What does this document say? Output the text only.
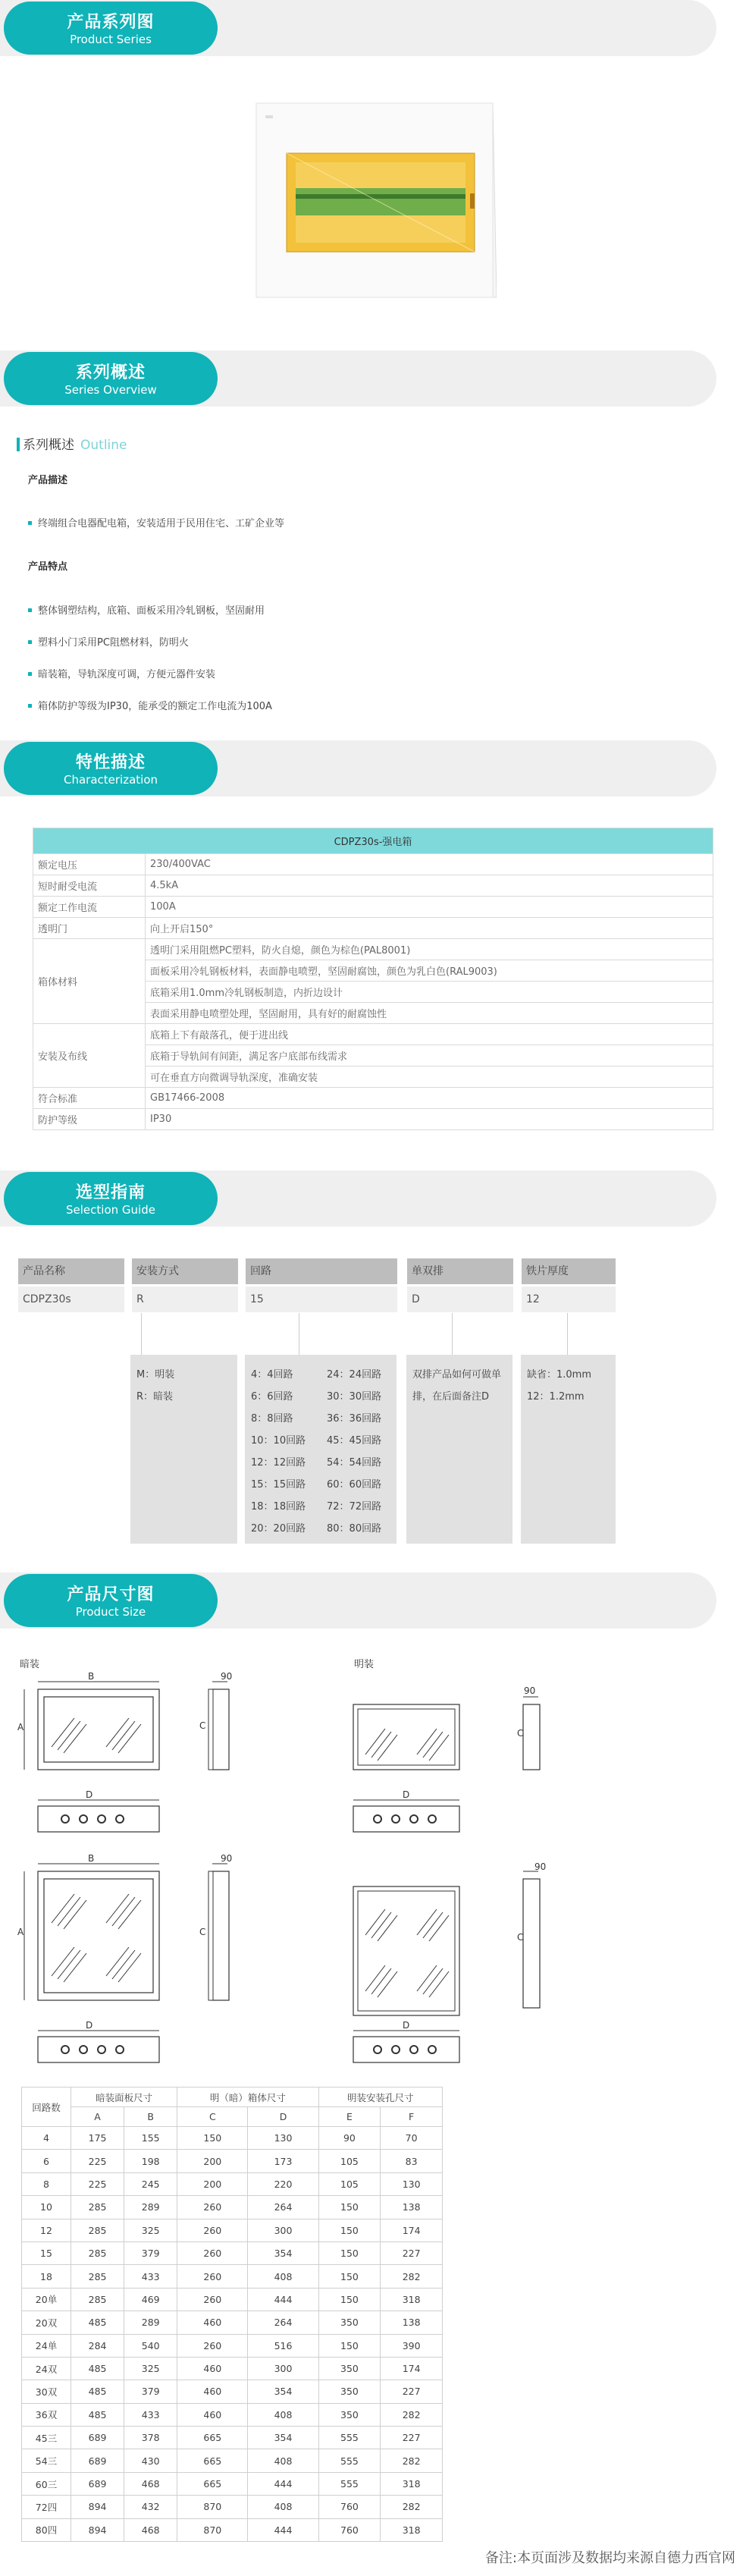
产品系列图
Product Series
系列概述
Series Overview
系列概述 Outline
产品描述
终端组合电器配电箱，安装适用于民用住宅、工矿企业等
产品特点
整体钢塑结构，底箱、面板采用冷轧钢板，坚固耐用
塑料小门采用PC阻燃材料，防明火
暗装箱，导轨深度可调，方便元器件安装
箱体防护等级为IP30，能承受的额定工作电流为100A
特性描述
Characterization
CDPZ30s-强电箱	
额定电压	230/400VAC
短时耐受电流	4.5kA
额定工作电流	100A
透明门	向上开启150°
箱体材料	透明门采用阻燃PC塑料，防火自熄，颜色为棕色(PAL8001)
	面板采用冷轧钢板材料，表面静电喷塑，坚固耐腐蚀，颜色为乳白色(RAL9003)
	底箱采用1.0mm冷轧钢板制造，内折边设计
	表面采用静电喷塑处理，坚固耐用，具有好的耐腐蚀性
安装及布线	底箱上下有敲落孔，便于进出线
	底箱于导轨间有间距，满足客户底部布线需求
	可在垂直方向微调导轨深度，准确安装
符合标准	GB17466-2008
防护等级	IP30
选型指南
Selection Guide
产品名称	安装方式	回路	单双排	铁片厚度
CDPZ30s	R	15	D	12
M：明装
R：暗装
4：4回路
6：6回路
8：8回路
10：10回路
12：12回路
15：15回路
18：18回路
20：20回路
24：24回路
30：30回路
36：36回路
45：45回路
54：54回路
60：60回路
72：72回路
80：80回路
双排产品如何可做单
排，在后面备注D
缺省：1.0mm
12：1.2mm
产品尺寸图
Product Size
暗装	明装
B
A
90
C
D
90
C
D
B
A
90
C
D
90
C
D
回路数	暗装面板尺寸		明（暗）箱体尺寸		明装安装孔尺寸	
	A	B	C	D	E	F
4	175	155	150	130	90	70
6	225	198	200	173	105	83
8	225	245	200	220	105	130
10	285	289	260	264	150	138
12	285	325	260	300	150	174
15	285	379	260	354	150	227
18	285	433	260	408	150	282
20单	285	469	260	444	150	318
20双	485	289	460	264	350	138
24单	284	540	260	516	150	390
24双	485	325	460	300	350	174
30双	485	379	460	354	350	227
36双	485	433	460	408	350	282
45三	689	378	665	354	555	227
54三	689	430	665	408	555	282
60三	689	468	665	444	555	318
72四	894	432	870	408	760	282
80四	894	468	870	444	760	318
备注:本页面涉及数据均来源自德力西官网
